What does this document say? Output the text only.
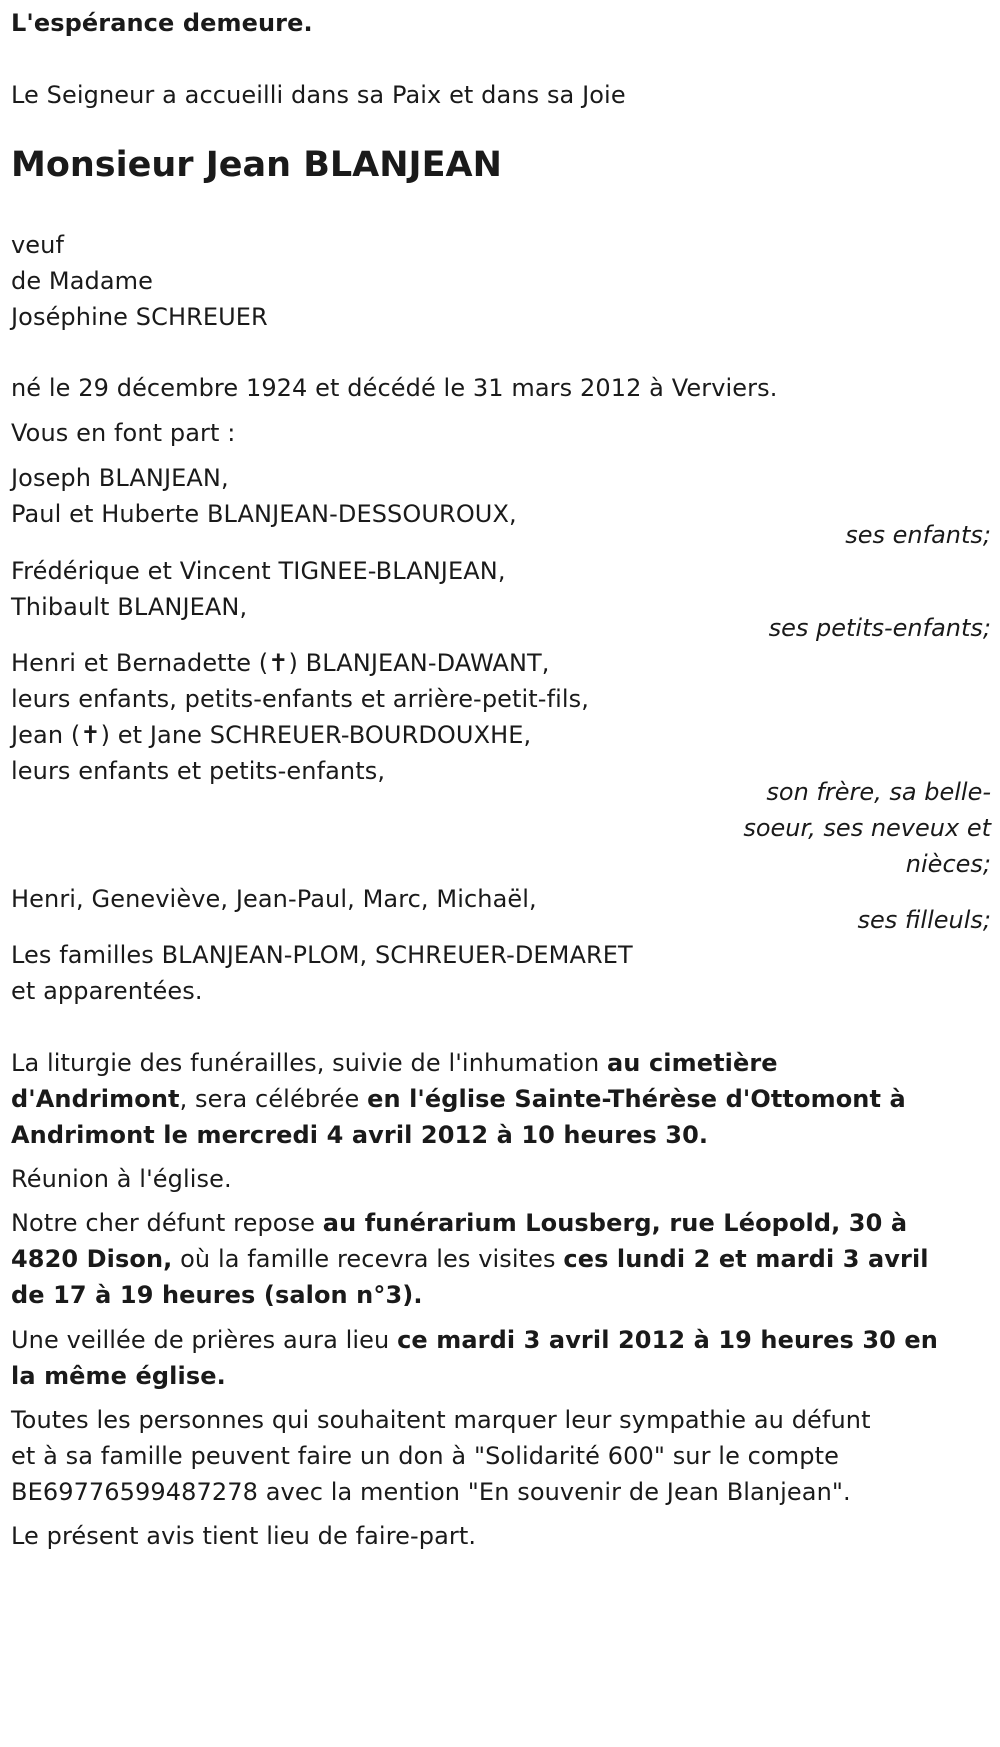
L'espérance demeure.
Le Seigneur a accueilli dans sa Paix et dans sa Joie
Monsieur Jean BLANJEAN
veuf
de Madame
Joséphine SCHREUER
né le 29 décembre 1924 et décédé le 31 mars 2012 à Verviers.
Vous en font part :
Joseph BLANJEAN,
Paul et Huberte BLANJEAN-DESSOUROUX,
ses enfants;
Frédérique et Vincent TIGNEE-BLANJEAN,
Thibault BLANJEAN,
ses petits-enfants;
Henri et Bernadette (✝) BLANJEAN-DAWANT,
leurs enfants, petits-enfants et arrière-petit-fils,
Jean (✝) et Jane SCHREUER-BOURDOUXHE,
leurs enfants et petits-enfants,
son frère, sa belle-
soeur, ses neveux et
nièces;
Henri, Geneviève, Jean-Paul, Marc, Michaël,
ses filleuls;
Les familles BLANJEAN-PLOM, SCHREUER-DEMARET
et apparentées.
La liturgie des funérailles, suivie de l'inhumation au cimetière
d'Andrimont, sera célébrée en l'église Sainte-Thérèse d'Ottomont à
Andrimont le mercredi 4 avril 2012 à 10 heures 30.
Réunion à l'église.
Notre cher défunt repose au funérarium Lousberg, rue Léopold, 30 à
4820 Dison, où la famille recevra les visites ces lundi 2 et mardi 3 avril
de 17 à 19 heures (salon n°3).
Une veillée de prières aura lieu ce mardi 3 avril 2012 à 19 heures 30 en
la même église.
Toutes les personnes qui souhaitent marquer leur sympathie au défunt
et à sa famille peuvent faire un don à "Solidarité 600" sur le compte
BE69776599487278 avec la mention "En souvenir de Jean Blanjean".
Le présent avis tient lieu de faire-part.
